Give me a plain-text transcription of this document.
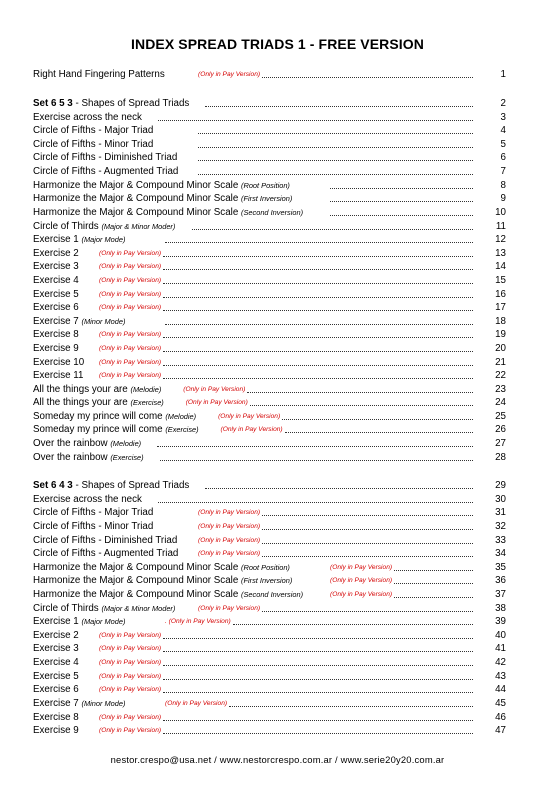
INDEX SPREAD TRIADS 1 - FREE VERSION
Right Hand Fingering Patterns	(Only in Pay Version)	1
Set 6 5 3 - Shapes of Spread Triads	2
Exercise across the neck	3
Circle of Fifths - Major Triad	4
Circle of Fifths - Minor Triad	5
Circle of Fifths - Diminished Triad	6
Circle of Fifths - Augmented Triad	7
Harmonize the Major & Compound Minor Scale (Root Position)	8
Harmonize the Major & Compound Minor Scale (First Inversion)	9
Harmonize the Major & Compound Minor Scale (Second Inversion)	10
Circle of Thirds (Major & Minor Moder)	11
Exercise 1 (Major Mode)	12
Exercise 2	(Only in Pay Version)	13
Exercise 3	(Only in Pay Version)	14
Exercise 4	(Only in Pay Version)	15
Exercise 5	(Only in Pay Version)	16
Exercise 6	(Only in Pay Version)	17
Exercise 7 (Minor Mode)	18
Exercise 8	(Only in Pay Version)	19
Exercise 9	(Only in Pay Version)	20
Exercise 10 (Only in Pay Version)	21
Exercise 11 (Only in Pay Version)	22
All the things your are (Melodie)	(Only in Pay Version)	23
All the things your are (Exercise)	(Only in Pay Version)	24
Someday my prince will come (Melodie)	(Only in Pay Version)	25
Someday my prince will come (Exercise)	(Only in Pay Version)	26
Over the rainbow (Melodie)	27
Over the rainbow (Exercise)	28
Set 6 4 3 - Shapes of Spread Triads	29
Exercise across the neck	30
Circle of Fifths - Major Triad	(Only in Pay Version)	31
Circle of Fifths - Minor Triad	(Only in Pay Version)	32
Circle of Fifths - Diminished Triad	(Only in Pay Version)	33
Circle of Fifths - Augmented Triad	(Only in Pay Version)	34
Harmonize the Major & Compound Minor Scale (Root Position)	(Only in Pay Version)	35
Harmonize the Major & Compound Minor Scale (First Inversion)	(Only in Pay Version)	36
Harmonize the Major & Compound Minor Scale (Second Inversion)	(Only in Pay Version)	37
Circle of Thirds (Major & Minor Moder)	(Only in Pay Version)	38
Exercise 1 (Major Mode)	. (Only in Pay Version)	39
Exercise 2	(Only in Pay Version)	40
Exercise 3	(Only in Pay Version)	41
Exercise 4	(Only in Pay Version)	42
Exercise 5	(Only in Pay Version)	43
Exercise 6	(Only in Pay Version)	44
Exercise 7 (Minor Mode)	(Only in Pay Version)	45
Exercise 8	(Only in Pay Version)	46
Exercise 9	(Only in Pay Version)	47
nestor.crespo@usa.net / www.nestorcrespo.com.ar / www.serie20y20.com.ar
